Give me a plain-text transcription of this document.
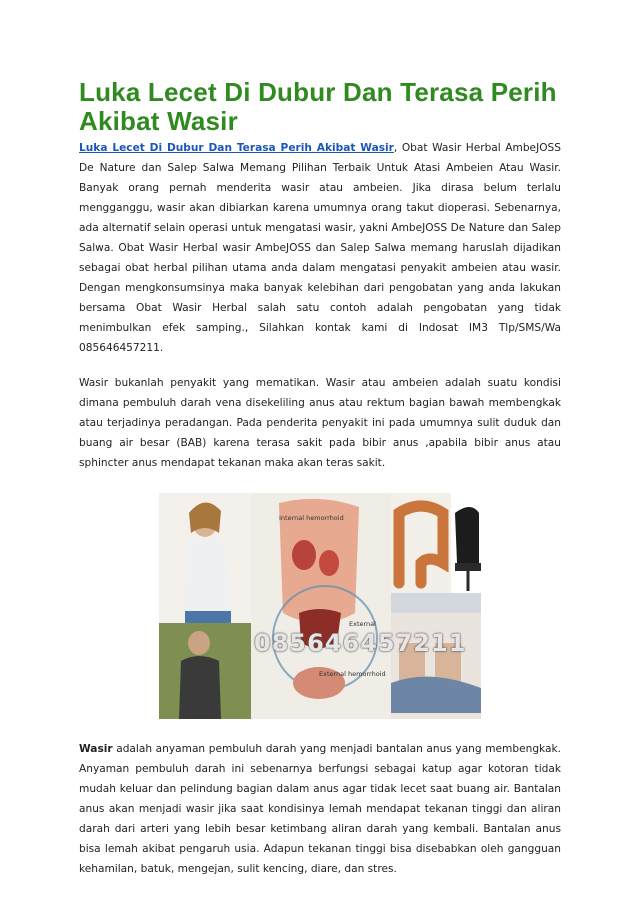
Luka Lecet Di Dubur Dan Terasa Perih Akibat Wasir

Luka Lecet Di Dubur Dan Terasa Perih Akibat Wasir, Obat Wasir Herbal AmbeJOSS De Nature dan Salep Salwa Memang Pilihan Terbaik Untuk Atasi Ambeien Atau Wasir. Banyak orang pernah menderita wasir atau ambeien. Jika dirasa belum terlalu mengganggu, wasir akan dibiarkan karena umumnya orang takut dioperasi. Sebenarnya, ada alternatif selain operasi untuk mengatasi wasir, yakni AmbeJOSS De Nature dan Salep Salwa. Obat Wasir Herbal wasir AmbeJOSS dan Salep Salwa memang haruslah dijadikan sebagai obat herbal pilihan utama anda dalam mengatasi penyakit ambeien atau wasir. Dengan mengkonsumsinya maka banyak kelebihan dari pengobatan yang anda lakukan bersama Obat Wasir Herbal salah satu contoh adalah pengobatan yang tidak menimbulkan efek samping., Silahkan kontak kami di Indosat IM3 Tlp/SMS/Wa 085646457211.

Wasir bukanlah penyakit yang mematikan. Wasir atau ambeien adalah suatu kondisi dimana pembuluh darah vena disekeliling anus atau rektum bagian bawah membengkak atau terjadinya peradangan. Pada penderita penyakit ini pada umumnya sulit duduk dan buang air besar (BAB) karena terasa sakit pada bibir anus ,apabila bibir anus atau sphincter anus mendapat tekanan maka akan teras sakit.

085646457211
Internal hemorrhoid
External
External hemorrhoid

Wasir adalah anyaman pembuluh darah yang menjadi bantalan anus yang membengkak. Anyaman pembuluh darah ini sebenarnya berfungsi sebagai katup agar kotoran tidak mudah keluar dan pelindung bagian dalam anus agar tidak lecet saat buang air. Bantalan anus akan menjadi wasir jika saat kondisinya lemah mendapat tekanan tinggi dan aliran darah dari arteri yang lebih besar ketimbang aliran darah yang kembali. Bantalan anus bisa lemah akibat pengaruh usia. Adapun tekanan tinggi bisa disebabkan oleh gangguan kehamilan, batuk, mengejan, sulit kencing, diare, dan stres.
